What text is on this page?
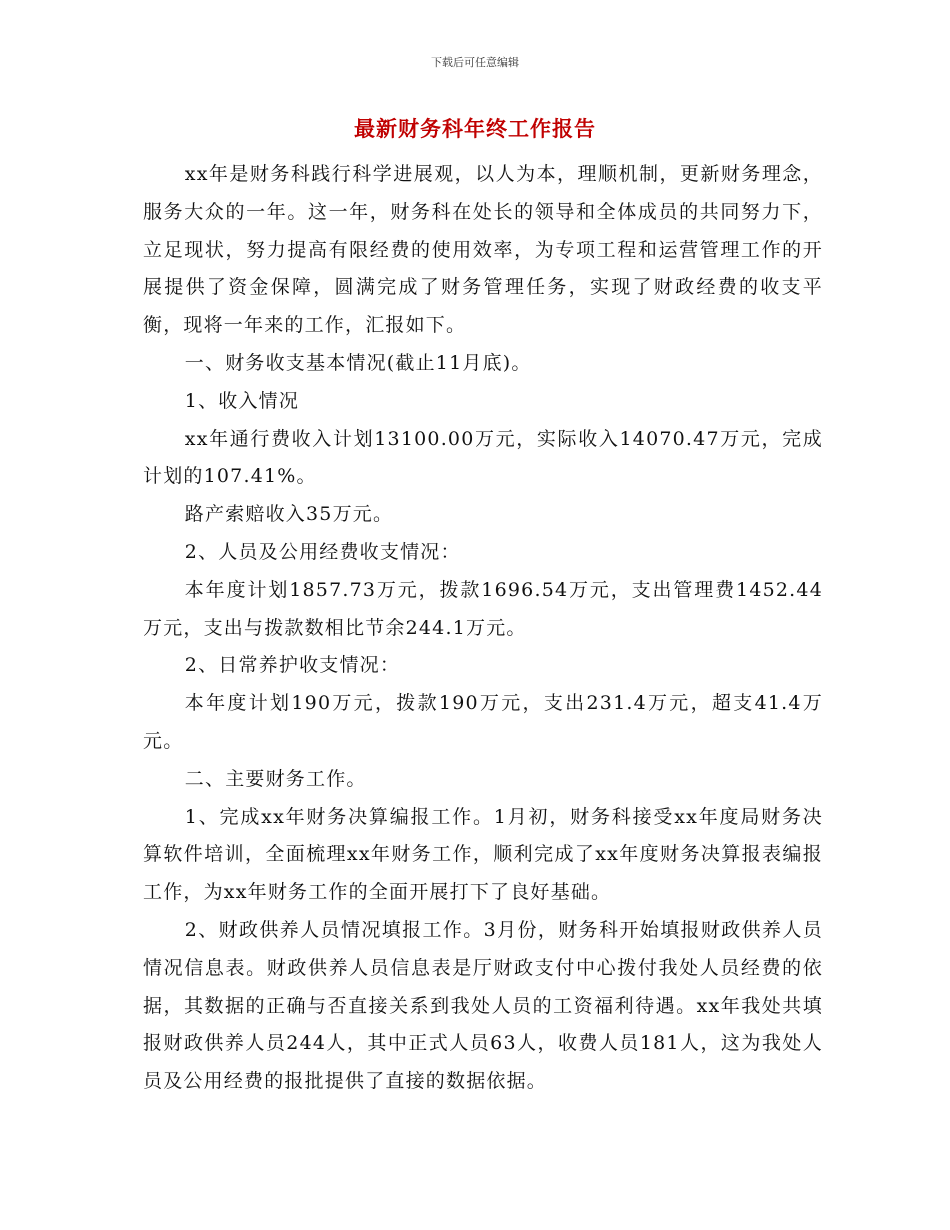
下载后可任意编辑
最新财务科年终工作报告

xx年是财务科践行科学进展观，以人为本，理顺机制，更新财务理念，服务大众的一年。这一年，财务科在处长的领导和全体成员的共同努力下，立足现状，努力提高有限经费的使用效率，为专项工程和运营管理工作的开展提供了资金保障，圆满完成了财务管理任务，实现了财政经费的收支平衡，现将一年来的工作，汇报如下。

一、财务收支基本情况(截止11月底)。

1、收入情况

xx年通行费收入计划13100.00万元，实际收入14070.47万元，完成计划的107.41%。

路产索赔收入35万元。

2、人员及公用经费收支情况：

本年度计划1857.73万元，拨款1696.54万元，支出管理费1452.44万元，支出与拨款数相比节余244.1万元。

2、日常养护收支情况：

本年度计划190万元，拨款190万元，支出231.4万元，超支41.4万元。

二、主要财务工作。

1、完成xx年财务决算编报工作。1月初，财务科接受xx年度局财务决算软件培训，全面梳理xx年财务工作，顺利完成了xx年度财务决算报表编报工作，为xx年财务工作的全面开展打下了良好基础。

2、财政供养人员情况填报工作。3月份，财务科开始填报财政供养人员情况信息表。财政供养人员信息表是厅财政支付中心拨付我处人员经费的依据，其数据的正确与否直接关系到我处人员的工资福利待遇。xx年我处共填报财政供养人员244人，其中正式人员63人，收费人员181人，这为我处人员及公用经费的报批提供了直接的数据依据。
